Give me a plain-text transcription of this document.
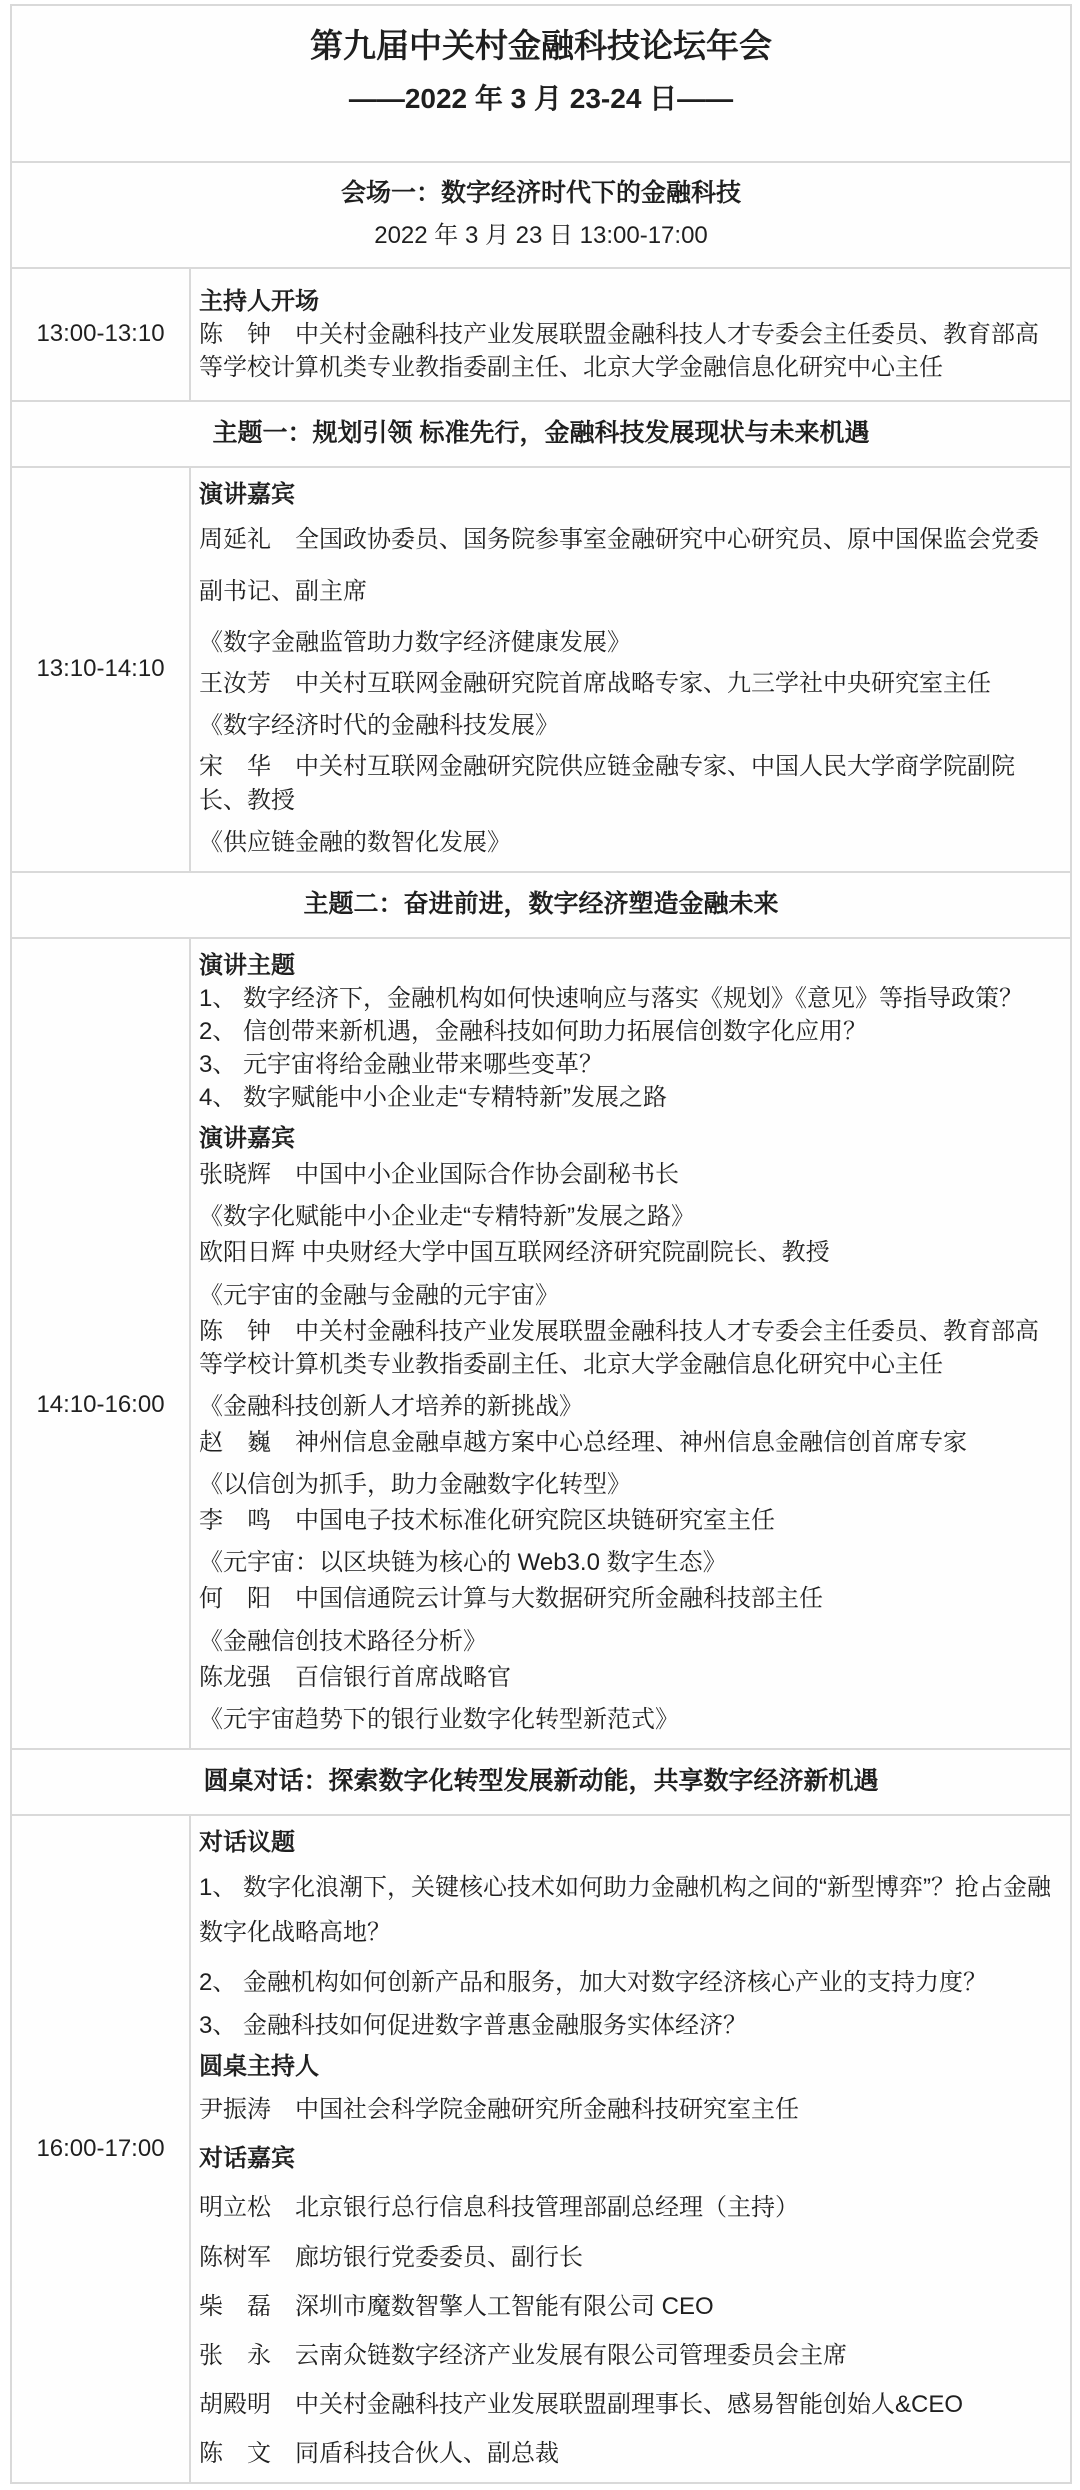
第九届中关村金融科技论坛年会
——2022 年 3 月 23-24 日——
会场一：数字经济时代下的金融科技
2022 年 3 月 23 日 13:00-17:00
13:00-13:10

主持人开场

陈　钟　中关村金融科技产业发展联盟金融科技人才专委会主任委员、教育部高等学校计算机类专业教指委副主任、北京大学金融信息化研究中心主任

主题一：规划引领 标准先行，金融科技发展现状与未来机遇
13:10-14:10

演讲嘉宾

周延礼　全国政协委员、国务院参事室金融研究中心研究员、原中国保监会党委副书记、副主席

《数字金融监管助力数字经济健康发展》

王汝芳　中关村互联网金融研究院首席战略专家、九三学社中央研究室主任

《数字经济时代的金融科技发展》

宋　华　中关村互联网金融研究院供应链金融专家、中国人民大学商学院副院长、教授

《供应链金融的数智化发展》

主题二：奋进前进，数字经济塑造金融未来
14:10-16:00

演讲主题

1、 数字经济下，金融机构如何快速响应与落实《规划》《意见》等指导政策？

2、 信创带来新机遇，金融科技如何助力拓展信创数字化应用？

3、 元宇宙将给金融业带来哪些变革？

4、 数字赋能中小企业走“专精特新”发展之路

演讲嘉宾

张晓辉　中国中小企业国际合作协会副秘书长

《数字化赋能中小企业走“专精特新”发展之路》

欧阳日辉 中央财经大学中国互联网经济研究院副院长、教授

《元宇宙的金融与金融的元宇宙》

陈　钟　中关村金融科技产业发展联盟金融科技人才专委会主任委员、教育部高等学校计算机类专业教指委副主任、北京大学金融信息化研究中心主任

《金融科技创新人才培养的新挑战》

赵　巍　神州信息金融卓越方案中心总经理、神州信息金融信创首席专家

《以信创为抓手，助力金融数字化转型》

李　鸣　中国电子技术标准化研究院区块链研究室主任

《元宇宙：以区块链为核心的 Web3.0 数字生态》

何　阳　中国信通院云计算与大数据研究所金融科技部主任

《金融信创技术路径分析》

陈龙强　百信银行首席战略官

《元宇宙趋势下的银行业数字化转型新范式》

圆桌对话：探索数字化转型发展新动能，共享数字经济新机遇
16:00-17:00

对话议题

1、 数字化浪潮下，关键核心技术如何助力金融机构之间的“新型博弈”？抢占金融数字化战略高地？

2、 金融机构如何创新产品和服务，加大对数字经济核心产业的支持力度？

3、 金融科技如何促进数字普惠金融服务实体经济？

圆桌主持人

尹振涛　中国社会科学院金融研究所金融科技研究室主任

对话嘉宾

明立松　北京银行总行信息科技管理部副总经理（主持）

陈树军　廊坊银行党委委员、副行长

柴　磊　深圳市魔数智擎人工智能有限公司 CEO

张　永　云南众链数字经济产业发展有限公司管理委员会主席

胡殿明　中关村金融科技产业发展联盟副理事长、感易智能创始人&CEO

陈　文　同盾科技合伙人、副总裁
